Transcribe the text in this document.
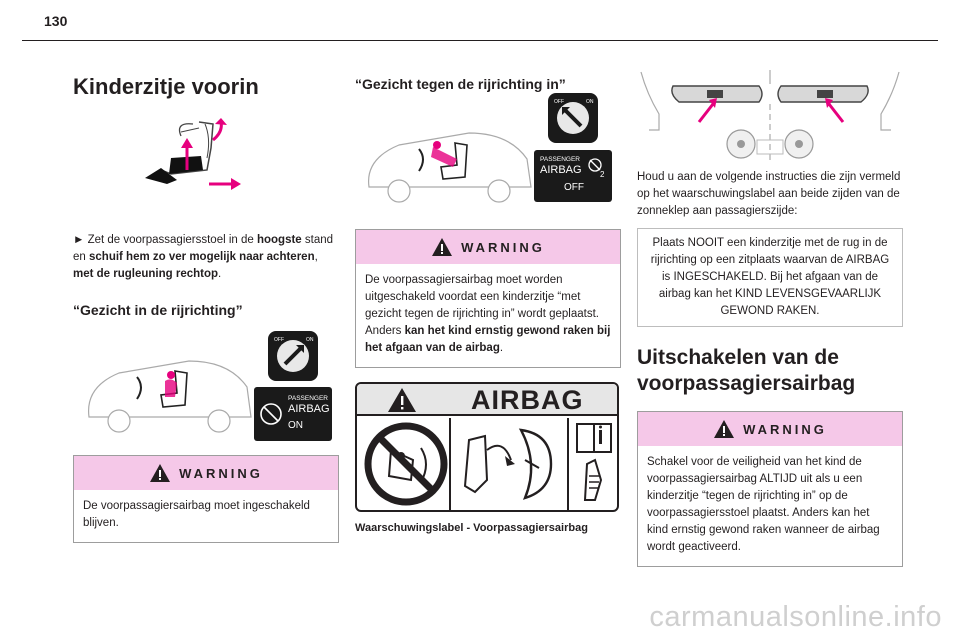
130
Kinderzitje voorin

► Zet de voorpassagiersstoel in de hoogste stand en schuif hem zo ver mogelijk naar achteren, met de rugleuning rechtop.

“Gezicht in de rijrichting”
OFF	ON
PASSENGER
AIRBAG
ON
WARNING
De voorpassagiersairbag moet ingeschakeld blijven.
“Gezicht tegen de rijrichting in”
OFF	ON
PASSENGER
AIRBAG
OFF
2
WARNING
De voorpassagiersairbag moet worden uitgeschakeld voordat een kinderzitje “met gezicht tegen de rijrichting in” wordt geplaatst. Anders kan het kind ernstig gewond raken bij het afgaan van de airbag.
AIRBAG
Waarschuwingslabel - Voorpassagiersairbag

Houd u aan de volgende instructies die zijn vermeld op het waarschuwingslabel aan beide zijden van de zonneklep aan passagierszijde:

Plaats NOOIT een kinderzitje met de rug in de rijrichting op een zitplaats waarvan de AIRBAG is INGESCHAKELD. Bij het afgaan van de airbag kan het KIND LEVENSGEVAARLIJK GEWOND RAKEN.
Uitschakelen van de voorpassagiersairbag
WARNING
Schakel voor de veiligheid van het kind de voorpassagiersairbag ALTIJD uit als u een kinderzitje “tegen de rijrichting in” op de voorpassagiersstoel plaatst. Anders kan het kind ernstig gewond raken wanneer de airbag wordt geactiveerd.
carmanualsonline.info
